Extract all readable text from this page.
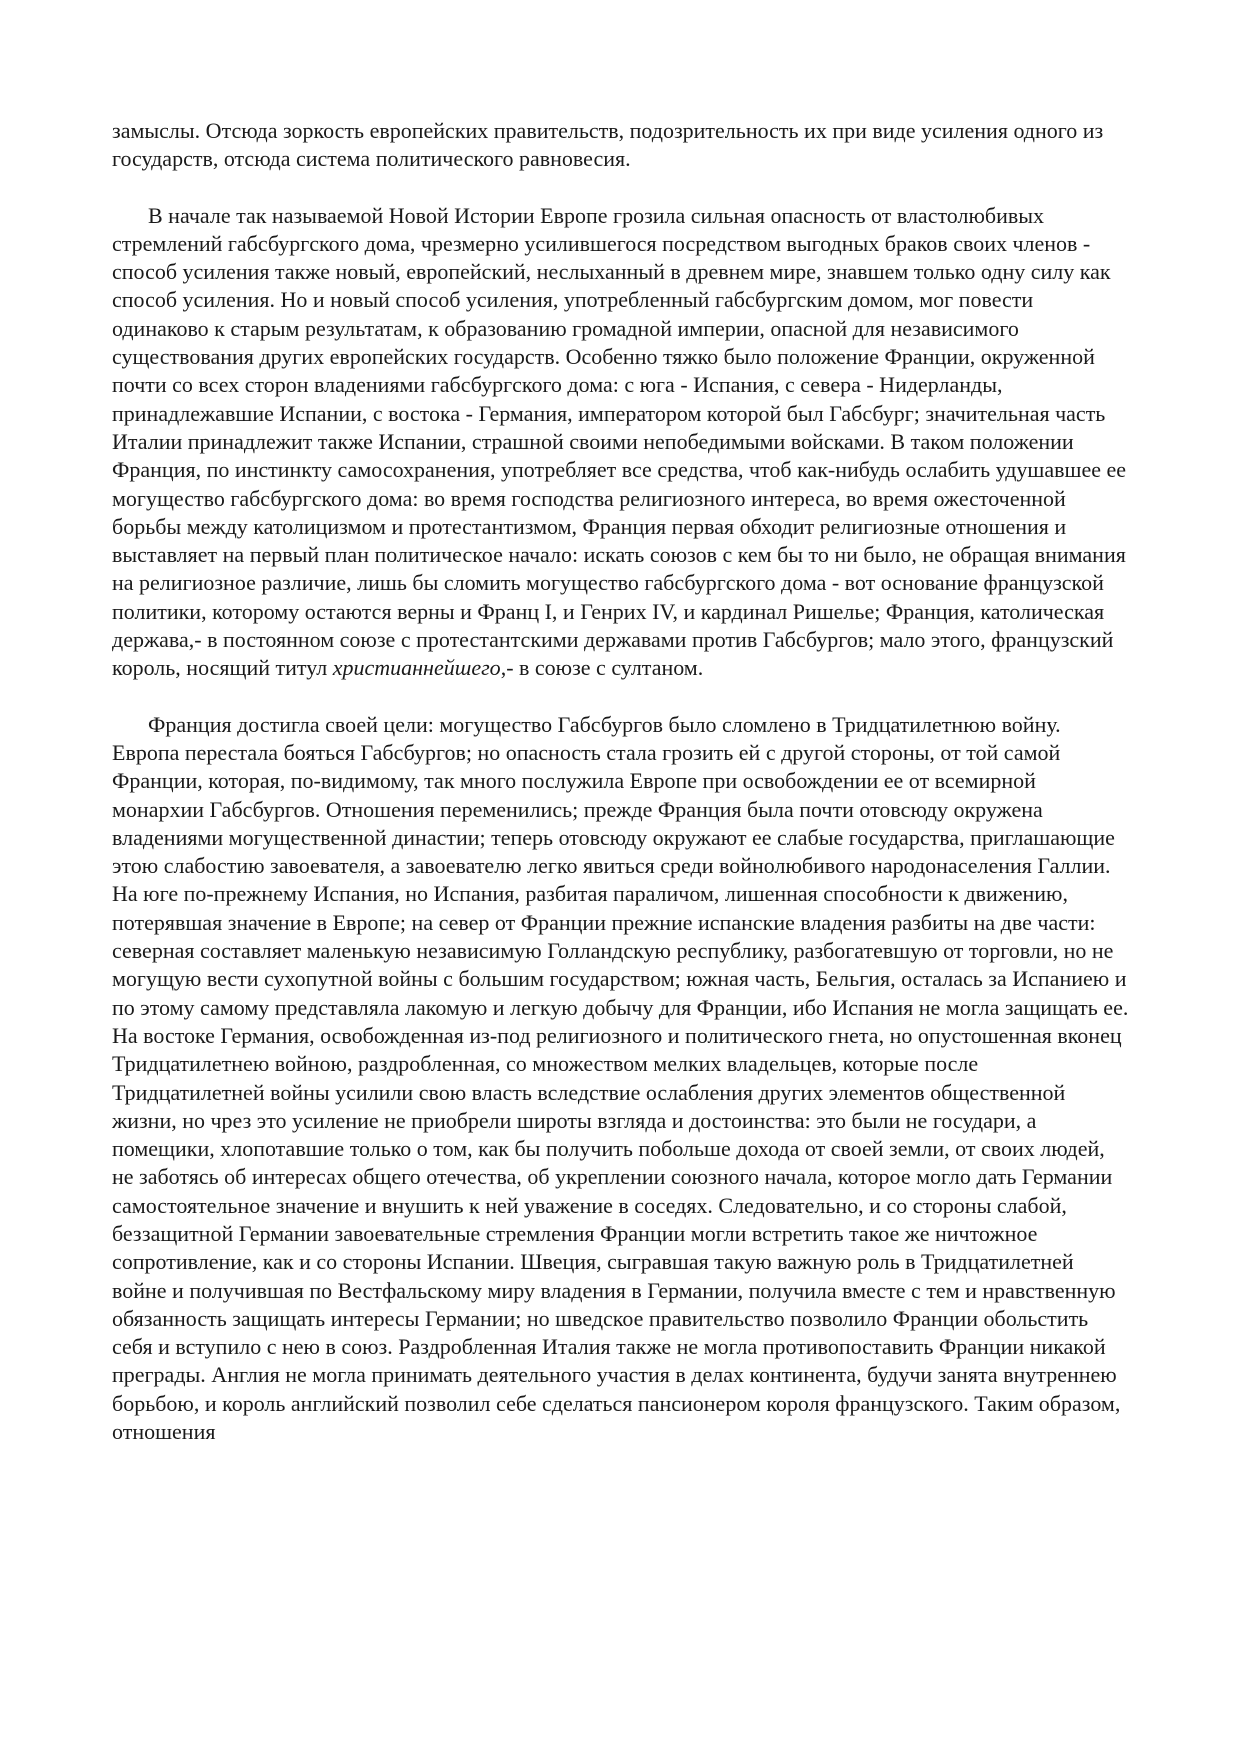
замыслы. Отсюда зоркость европейских правительств, подозрительность их при виде усиления одного из государств, отсюда система политического равновесия.

В начале так называемой Новой Истории Европе грозила сильная опасность от властолюбивых стремлений габсбургского дома, чрезмерно усилившегося посредством выгодных браков своих членов - способ усиления также новый, европейский, неслыханный в древнем мире, знавшем только одну силу как способ усиления. Но и новый способ усиления, употребленный габсбургским домом, мог повести одинаково к старым результатам, к образованию громадной империи, опасной для независимого существования других европейских государств. Особенно тяжко было положение Франции, окруженной почти со всех сторон владениями габсбургского дома: с юга - Испания, с севера - Нидерланды, принадлежавшие Испании, с востока - Германия, императором которой был Габсбург; значительная часть Италии принадлежит также Испании, страшной своими непобедимыми войсками. В таком положении Франция, по инстинкту самосохранения, употребляет все средства, чтоб как-нибудь ослабить удушавшее ее могущество габсбургского дома: во время господства религиозного интереса, во время ожесточенной борьбы между католицизмом и протестантизмом, Франция первая обходит религиозные отношения и выставляет на первый план политическое начало: искать союзов с кем бы то ни было, не обращая внимания на религиозное различие, лишь бы сломить могущество габсбургского дома - вот основание французской политики, которому остаются верны и Франц I, и Генрих IV, и кардинал Ришелье; Франция, католическая держава,- в постоянном союзе с протестантскими державами против Габсбургов; мало этого, французский король, носящий титул христианнейшего,- в союзе с султаном.

Франция достигла своей цели: могущество Габсбургов было сломлено в Тридцатилетнюю войну. Европа перестала бояться Габсбургов; но опасность стала грозить ей с другой стороны, от той самой Франции, которая, по-видимому, так много послужила Европе при освобождении ее от всемирной монархии Габсбургов. Отношения переменились; прежде Франция была почти отовсюду окружена владениями могущественной династии; теперь отовсюду окружают ее слабые государства, приглашающие этою слабостию завоевателя, а завоевателю легко явиться среди войнолюбивого народонаселения Галлии. На юге по-прежнему Испания, но Испания, разбитая параличом, лишенная способности к движению, потерявшая значение в Европе; на север от Франции прежние испанские владения разбиты на две части: северная составляет маленькую независимую Голландскую республику, разбогатевшую от торговли, но не могущую вести сухопутной войны с большим государством; южная часть, Бельгия, осталась за Испаниею и по этому самому представляла лакомую и легкую добычу для Франции, ибо Испания не могла защищать ее. На востоке Германия, освобожденная из-под религиозного и политического гнета, но опустошенная вконец Тридцатилетнею войною, раздробленная, со множеством мелких владельцев, которые после Тридцатилетней войны усилили свою власть вследствие ослабления других элементов общественной жизни, но чрез это усиление не приобрели широты взгляда и достоинства: это были не государи, а помещики, хлопотавшие только о том, как бы получить побольше дохода от своей земли, от своих людей, не заботясь об интересах общего отечества, об укреплении союзного начала, которое могло дать Германии самостоятельное значение и внушить к ней уважение в соседях. Следовательно, и со стороны слабой, беззащитной Германии завоевательные стремления Франции могли встретить такое же ничтожное сопротивление, как и со стороны Испании. Швеция, сыгравшая такую важную роль в Тридцатилетней войне и получившая по Вестфальскому миру владения в Германии, получила вместе с тем и нравственную обязанность защищать интересы Германии; но шведское правительство позволило Франции обольстить себя и вступило с нею в союз. Раздробленная Италия также не могла противопоставить Франции никакой преграды. Англия не могла принимать деятельного участия в делах континента, будучи занята внутреннею борьбою, и король английский позволил себе сделаться пансионером короля французского. Таким образом, отношения
